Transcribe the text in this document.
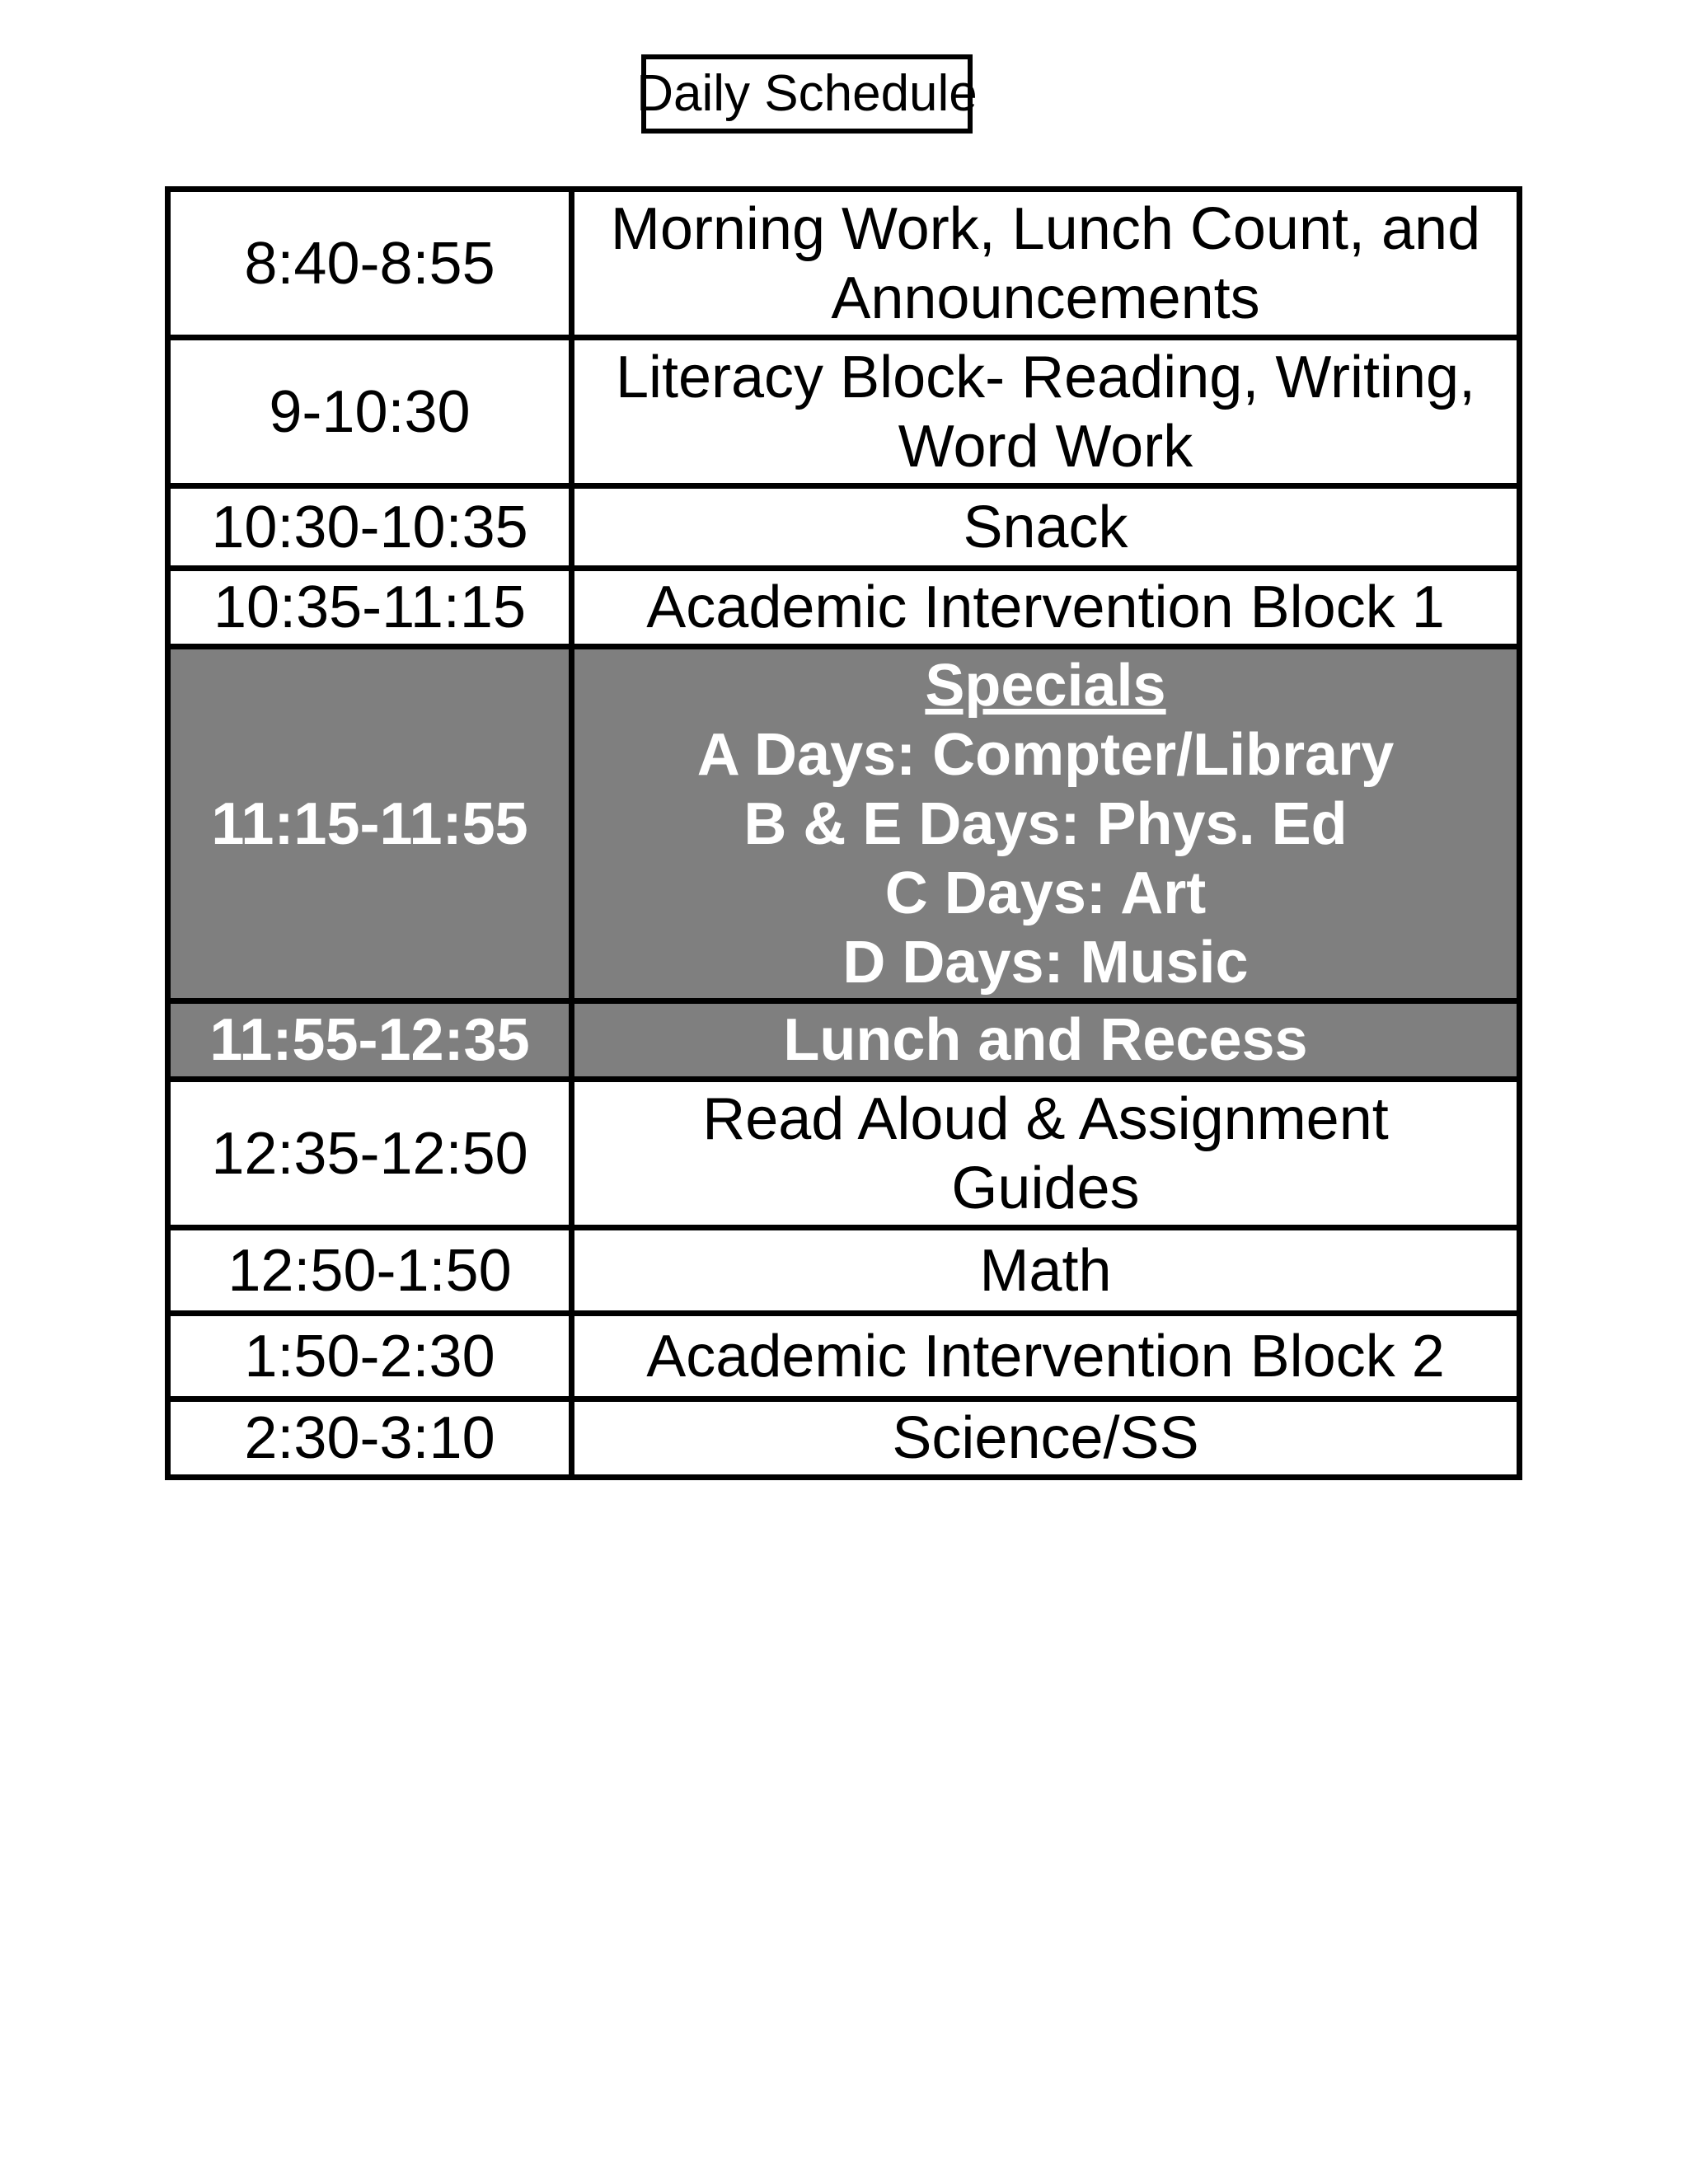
Daily Schedule
8:40-8:55	Morning Work, Lunch Count, and
Announcements

9-10:30	Literacy Block- Reading, Writing,
Word Work

10:30-10:35	Snack

10:35-11:15	Academic Intervention Block 1

11:15-11:55	Specials
A Days: Compter/Library
B & E Days: Phys. Ed
C Days: Art
D Days: Music

11:55-12:35	Lunch and Recess

12:35-12:50	Read Aloud & Assignment
Guides

12:50-1:50	Math

1:50-2:30	Academic Intervention Block 2

2:30-3:10	Science/SS
